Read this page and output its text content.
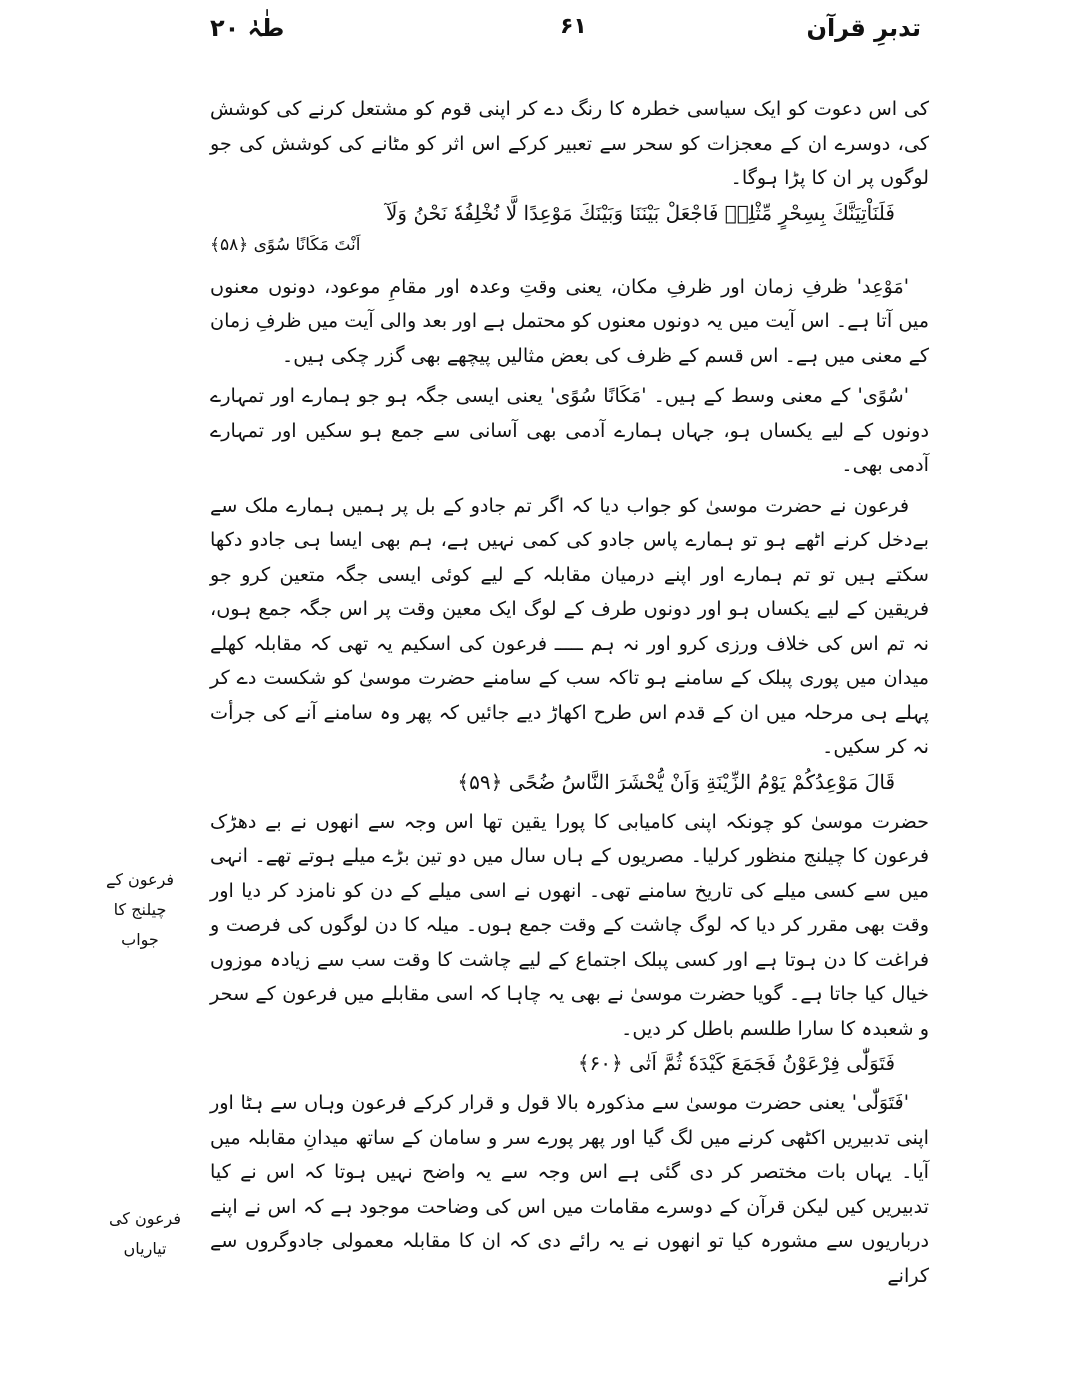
تدبرِ قرآن
۶۱
طٰہٰ ۲۰

کی اس دعوت کو ایک سیاسی خطرہ کا رنگ دے کر اپنی قوم کو مشتعل کرنے کی کوشش کی، دوسرے ان کے معجزات کو سحر سے تعبیر کرکے اس اثر کو مٹانے کی کوشش کی جو لوگوں پر ان کا پڑا ہوگا۔

فَلَنَاْتِيَنَّكَ بِسِحْرٍ مِّثْلِهٖ فَاجْعَلْ بَيْنَنَا وَبَيْنَكَ مَوْعِدًا لَّا نُخْلِفُهٗ نَحْنُ وَلَآ

اَنْتَ مَكَانًا سُوًى ﴿۵۸﴾

'مَوْعِد' ظرفِ زمان اور ظرفِ مکان، یعنی وقتِ وعدہ اور مقامِ موعود، دونوں معنوں میں آتا ہے۔ اس آیت میں یہ دونوں معنوں کو محتمل ہے اور بعد والی آیت میں ظرفِ زمان کے معنی میں ہے۔ اس قسم کے ظرف کی بعض مثالیں پیچھے بھی گزر چکی ہیں۔

'سُوًى' کے معنی وسط کے ہیں۔ 'مَكَانًا سُوًى' یعنی ایسی جگہ ہو جو ہمارے اور تمہارے دونوں کے لیے یکساں ہو، جہاں ہمارے آدمی بھی آسانی سے جمع ہو سکیں اور تمہارے آدمی بھی۔

فرعون نے حضرت موسیٰ کو جواب دیا کہ اگر تم جادو کے بل پر ہمیں ہمارے ملک سے بےدخل کرنے اٹھے ہو تو ہمارے پاس جادو کی کمی نہیں ہے، ہم بھی ایسا ہی جادو دکھا سکتے ہیں تو تم ہمارے اور اپنے درمیان مقابلہ کے لیے کوئی ایسی جگہ متعین کرو جو فریقین کے لیے یکساں ہو اور دونوں طرف کے لوگ ایک معین وقت پر اس جگہ جمع ہوں، نہ تم اس کی خلاف ورزی کرو اور نہ ہم ـــــ فرعون کی اسکیم یہ تھی کہ مقابلہ کھلے میدان میں پوری پبلک کے سامنے ہو تاکہ سب کے سامنے حضرت موسیٰ کو شکست دے کر پہلے ہی مرحلہ میں ان کے قدم اس طرح اکھاڑ دیے جائیں کہ پھر وہ سامنے آنے کی جرأت نہ کر سکیں۔

قَالَ مَوْعِدُكُمْ يَوْمُ الزِّيْنَةِ وَاَنْ يُّحْشَرَ النَّاسُ ضُحًى ﴿۵۹﴾

حضرت موسیٰ کو چونکہ اپنی کامیابی کا پورا یقین تھا اس وجہ سے انھوں نے بے دھڑک فرعون کا چیلنج منظور کرلیا۔ مصریوں کے ہاں سال میں دو تین بڑے میلے ہوتے تھے۔ انہی میں سے کسی میلے کی تاریخ سامنے تھی۔ انھوں نے اسی میلے کے دن کو نامزد کر دیا اور وقت بھی مقرر کر دیا کہ لوگ چاشت کے وقت جمع ہوں۔ میلہ کا دن لوگوں کی فرصت و فراغت کا دن ہوتا ہے اور کسی پبلک اجتماع کے لیے چاشت کا وقت سب سے زیادہ موزوں خیال کیا جاتا ہے۔ گویا حضرت موسیٰ نے بھی یہ چاہا کہ اسی مقابلے میں فرعون کے سحر و شعبدہ کا سارا طلسم باطل کر دیں۔

فَتَوَلّٰى فِرْعَوْنُ فَجَمَعَ كَيْدَهٗ ثُمَّ اَتٰى ﴿۶۰﴾

'فَتَوَلّٰى' یعنی حضرت موسیٰ سے مذکورہ بالا قول و قرار کرکے فرعون وہاں سے ہٹا اور اپنی تدبیریں اکٹھی کرنے میں لگ گیا اور پھر پورے سر و سامان کے ساتھ میدانِ مقابلہ میں آیا۔ یہاں بات مختصر کر دی گئی ہے اس وجہ سے یہ واضح نہیں ہوتا کہ اس نے کیا تدبیریں کیں لیکن قرآن کے دوسرے مقامات میں اس کی وضاحت موجود ہے کہ اس نے اپنے درباریوں سے مشورہ کیا تو انھوں نے یہ رائے دی کہ ان کا مقابلہ معمولی جادوگروں سے کرانے

فرعون کے چیلنج کا جواب
فرعون کی تیاریاں
